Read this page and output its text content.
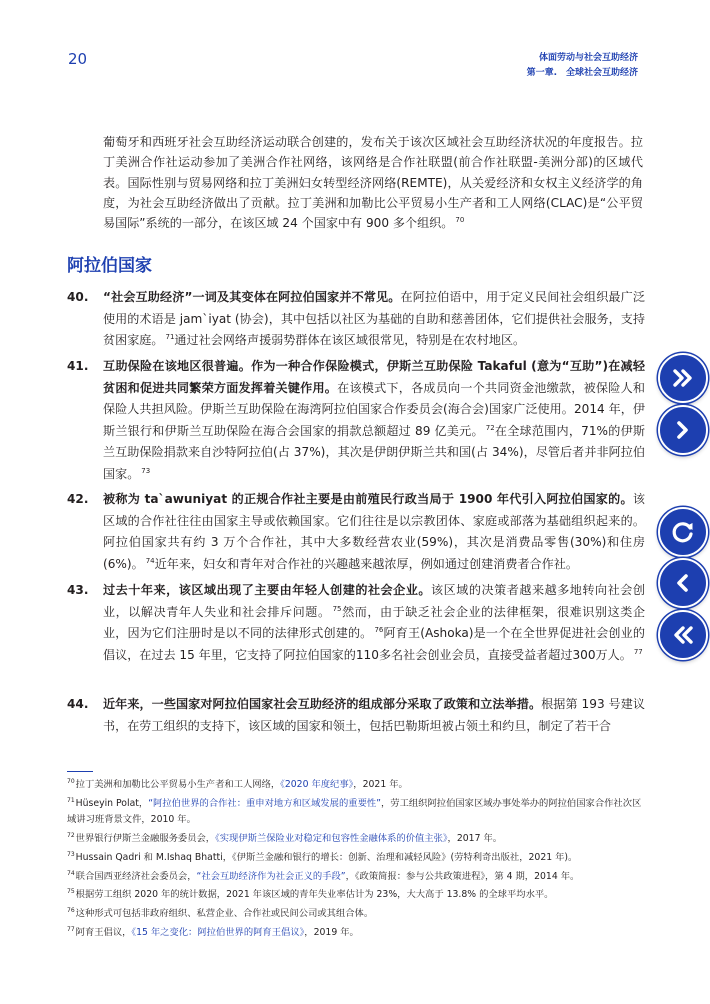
20	体面劳动与社会互助经济
第一章.　全球社会互助经济
葡萄牙和西班牙社会互助经济运动联合创建的，发布关于该次区域社会互助经济状况的年度报告。拉丁美洲合作社运动参加了美洲合作社网络，该网络是合作社联盟(前合作社联盟-美洲分部)的区域代表。国际性别与贸易网络和拉丁美洲妇女转型经济网络(REMTE)，从关爱经济和女权主义经济学的角度，为社会互助经济做出了贡献。拉丁美洲和加勒比公平贸易小生产者和工人网络(CLAC)是“公平贸易国际”系统的一部分，在该区域 24 个国家中有 900 多个组织。 $^{70}$
阿拉伯国家
40. “社会互助经济”一词及其变体在阿拉伯国家并不常见。在阿拉伯语中，用于定义民间社会组织最广泛使用的术语是 jam`iyat (协会)，其中包括以社区为基础的自助和慈善团体，它们提供社会服务，支持贫困家庭。 $^{71}$通过社会网络声援弱势群体在该区域很常见，特别是在农村地区。
41. 互助保险在该地区很普遍。作为一种合作保险模式，伊斯兰互助保险 Takaful (意为“互助”)在减轻贫困和促进共同繁荣方面发挥着关键作用。在该模式下，各成员向一个共同资金池缴款，被保险人和保险人共担风险。伊斯兰互助保险在海湾阿拉伯国家合作委员会(海合会)国家广泛使用。2014 年，伊斯兰银行和伊斯兰互助保险在海合会国家的捐款总额超过 89 亿美元。 $^{72}$在全球范围内，71%的伊斯兰互助保险捐款来自沙特阿拉伯(占 37%)，其次是伊朗伊斯兰共和国(占 34%)，尽管后者并非阿拉伯国家。 $^{73}$
42. 被称为 ta`awuniyat 的正规合作社主要是由前殖民行政当局于 1900 年代引入阿拉伯国家的。该区域的合作社往往由国家主导或依赖国家。它们往往是以宗教团体、家庭或部落为基础组织起来的。阿拉伯国家共有约 3 万个合作社，其中大多数经营农业(59%)，其次是消费品零售(30%)和住房(6%)。 $^{74}$近年来，妇女和青年对合作社的兴趣越来越浓厚，例如通过创建消费者合作社。
43. 过去十年来，该区域出现了主要由年轻人创建的社会企业。该区域的决策者越来越多地转向社会创业，以解决青年人失业和社会排斥问题。 $^{75}$然而，由于缺乏社会企业的法律框架，很难识别这类企业，因为它们注册时是以不同的法律形式创建的。 $^{76}$阿育王(Ashoka)是一个在全世界促进社会创业的倡议，在过去 15 年里，它支持了阿拉伯国家的110多名社会创业会员，直接受益者超过300万人。 $^{77}$
44. 近年来，一些国家对阿拉伯国家社会互助经济的组成部分采取了政策和立法举措。根据第 193 号建议书，在劳工组织的支持下，该区域的国家和领土，包括巴勒斯坦被占领土和约旦，制定了若干合
$^{70}$拉丁美洲和加勒比公平贸易小生产者和工人网络，《2020 年度纪事》，2021 年。
$^{71}$Hüseyin Polat，“阿拉伯世界的合作社：重申对地方和区域发展的重要性”，劳工组织阿拉伯国家区域办事处举办的阿拉伯国家合作社次区域讲习班背景文件，2010 年。
$^{72}$世界银行伊斯兰金融服务委员会，《实现伊斯兰保险业对稳定和包容性金融体系的价值主张》，2017 年。
$^{73}$Hussain Qadri 和 M.Ishaq Bhatti，《伊斯兰金融和银行的增长：创新、治理和减轻风险》(劳特利奇出版社，2021 年)。
$^{74}$联合国西亚经济社会委员会，“社会互助经济作为社会正义的手段”，《政策简报：参与公共政策进程》，第 4 期，2014 年。
$^{75}$根据劳工组织 2020 年的统计数据，2021 年该区域的青年失业率估计为 23%，大大高于 13.8% 的全球平均水平。
$^{76}$这种形式可包括非政府组织、私营企业、合作社或民间公司或其组合体。
$^{77}$阿育王倡议，《15 年之变化：阿拉伯世界的阿育王倡议》，2019 年。
